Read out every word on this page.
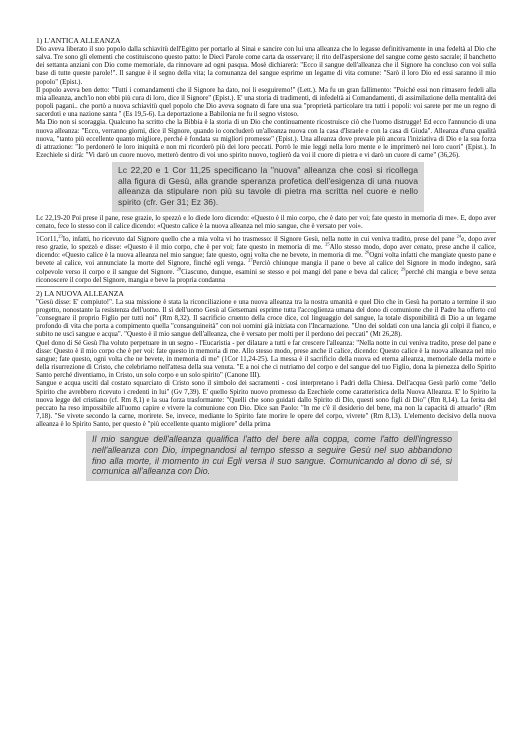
1) L'ANTICA ALLEANZA

Dio aveva liberato il suo popolo dalla schiavitù dell'Egitto per portarlo al Sinai e sancire con lui una alleanza che lo legasse definitivamente in una fedeltà al Dio che salva. Tre sono gli elementi che costituiscono questo patto: le Dieci Parole come carta da osservare; il rito dell'aspersione del sangue come gesto sacrale; il banchetto dei settanta anziani con Dio come memoriale, da rinnovare ad ogni pasqua. Mosè dichiarerà: "Ecco il sangue dell'alleanza che il Signore ha concluso con voi sulla base di tutte queste parole!". Il sangue è il segno della vita; la comunanza del sangue esprime un legame di vita comune: "Sarò il loro Dio ed essi saranno il mio popolo" (Epist.).

Il popolo aveva ben detto: "Tutti i comandamenti che il Signore ha dato, noi li eseguiremo!" (Lett.). Ma fu un gran fallimento: "Poiché essi non rimasero fedeli alla mia alleanza, anch'io non ebbi più cura di loro, dice il Signore" (Epist.). E' una storia di tradimenti, di infedeltà ai Comandamenti, di assimilazione della mentalità dei popoli pagani.. che portò a nuova schiavitù quel popolo che Dio aveva sognato di fare una sua "proprietà particolare tra tutti i popoli: voi sarete per me un regno di sacerdoti e una nazione santa " (Es 19,5-6). La deportazione a Babilonia ne fu il segno vistoso.

Ma Dio non si scoraggia. Qualcuno ha scritto che la Bibbia è la storia di un Dio che continuamente ricostruisce ciò che l'uomo distrugge! Ed ecco l'annuncio di una nuova alleanza: "Ecco, verranno giorni, dice il Signore, quando io concluderò un'alleanza nuova con la casa d'Israele e con la casa di Giuda". Alleanza d'una qualità nuova, "tanto più eccellente quanto migliore, perché è fondata su migliori promesse" (Epist.). Una alleanza dove prevale più ancora l'iniziativa di Dio e la sua forza di attrazione: "Io perdonerò le loro iniquità e non mi ricorderò più dei loro peccati. Porrò le mie leggi nella loro mente e le imprimerò nei loro cuori" (Epist.). In Ezechiele si dirà: "Vi darò un cuore nuovo, metterò dentro di voi uno spirito nuovo, toglierò da voi il cuore di pietra e vi darò un cuore di carne" (36,26).

Lc 22,20 e 1 Cor 11,25 specificano la "nuova" alleanza che così si ricollega alla figura di Gesù, alla grande speranza profetica dell'esigenza di una nuova alleanza da stipulare non più su tavole di pietra ma scritta nel cuore e nello spirito (cfr. Ger 31; Ez 36).

Lc 22,19-20 Poi prese il pane, rese grazie, lo spezzò e lo diede loro dicendo: «Questo è il mio corpo, che è dato per voi; fate questo in memoria di me». E, dopo aver cenato, fece lo stesso con il calice dicendo: «Questo calice è la nuova alleanza nel mio sangue, che è versato per voi».

1Cor11,23Io, infatti, ho ricevuto dal Signore quello che a mia volta vi ho trasmesso: il Signore Gesù, nella notte in cui veniva tradito, prese del pane $^{24}$e, dopo aver reso grazie, lo spezzò e disse: «Questo è il mio corpo, che è per voi; fate questo in memoria di me. $^{25}$Allo stesso modo, dopo aver cenato, prese anche il calice, dicendo: «Questo calice è la nuova alleanza nel mio sangue; fate questo, ogni volta che ne bevete, in memoria di me. $^{26}$Ogni volta infatti che mangiate questo pane e bevete al calice, voi annunciate la morte del Signore, finché egli venga. $^{27}$Perciò chiunque mangia il pane o beve al calice del Signore in modo indegno, sarà colpevole verso il corpo e il sangue del Signore. $^{28}$Ciascuno, dunque, esamini se stesso e poi mangi del pane e beva dal calice; $^{29}$perché chi mangia e beve senza riconoscere il corpo del Signore, mangia e beve la propria condanna

2) LA NUOVA ALLEANZA

"Gesù disse: E' compiuto!". La sua missione è stata la riconciliazione e una nuova alleanza tra la nostra umanità e quel Dio che in Gesù ha portato a termine il suo progetto, nonostante la resistenza dell'uomo. Il sì dell'uomo Gesù al Getsemani esprime tutta l'accoglienza umana del dono di comunione che il Padre ha offerto col "consegnare il proprio Figlio per tutti noi" (Rm 8,32). Il sacrificio cruento della croce dice, col linguaggio del sangue, la totale disponibilità di Dio a un legame profondo di vita che porta a compimento quella "consanguineità" con noi uomini già iniziata con l'Incarnazione. "Uno dei soldati con una lancia gli colpì il fianco, e subito ne uscì sangue e acqua". "Questo è il mio sangue dell'alleanza, che è versato per molti per il perdono dei peccati" (Mt 26,28).

Quel dono di Sé Gesù l'ha voluto perpetuare in un segno - l'Eucaristia - per dilatare a tutti e far crescere l'alleanza: "Nella notte in cui veniva tradito, prese del pane e disse: Questo è il mio corpo che è per voi: fate questo in memoria di me. Allo stesso modo, prese anche il calice, dicendo: Questo calice è la nuova alleanza nel mio sangue; fate questo, ogni volta che ne bevete, in memoria di me" (1Cor 11,24-25). La messa è il sacrificio della nuova ed eterna alleanza, memoriale della morte e della risurrezione di Cristo, che celebriamo nell'attesa della sua venuta. "E a noi che ci nutriamo del corpo e del sangue del tuo Figlio, dona la pienezza dello Spirito Santo perché diventiamo, in Cristo, un solo corpo e un solo spirito" (Canone III).

Sangue e acqua usciti dal costato squarciato di Cristo sono il simbolo dei sacramenti - così interpretano i Padri della Chiesa. Dell'acqua Gesù parlò come "dello Spirito che avrebbero ricevuto i credenti in lui" (Gv 7,39). E' quello Spirito nuovo promesso da Ezechiele come caratteristica della Nuova Alleanza. E' lo Spirito la nuova legge del cristiano (cf. Rm 8,1) e la sua forza trasformante: "Quelli che sono guidati dallo Spirito di Dio, questi sono figli di Dio" (Rm 8,14). La ferita del peccato ha reso impossibile all'uomo capire e vivere la comunione con Dio. Dice san Paolo: "In me c'è il desiderio del bene, ma non la capacità di attuarlo" (Rm 7,18). "Se vivete secondo la carne, morirete. Se, invece, mediante lo Spirito fate morire le opere del corpo, vivrete" (Rm 8,13). L'elemento decisivo della nuova alleanza è lo Spirito Santo, per questo è "più eccellente quanto migliore" della prima

Il mio sangue dell'alleanza qualifica l'atto del bere alla coppa, come l'atto dell'ingresso nell'alleanza con Dio, impegnandosi al tempo stesso a seguire Gesù nel suo abbandono fino alla morte, il momento in cui Egli versa il suo sangue. Comunicando al dono di sé, si comunica all'alleanza con Dio.
